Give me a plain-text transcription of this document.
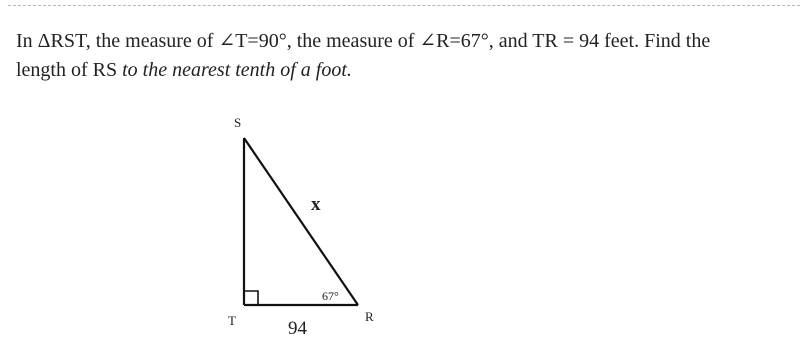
In ΔRST, the measure of ∠T=90°, the measure of ∠R=67°, and TR = 94 feet. Find the
length of RS to the nearest tenth of a foot.
S
T	R
x
67°
94
